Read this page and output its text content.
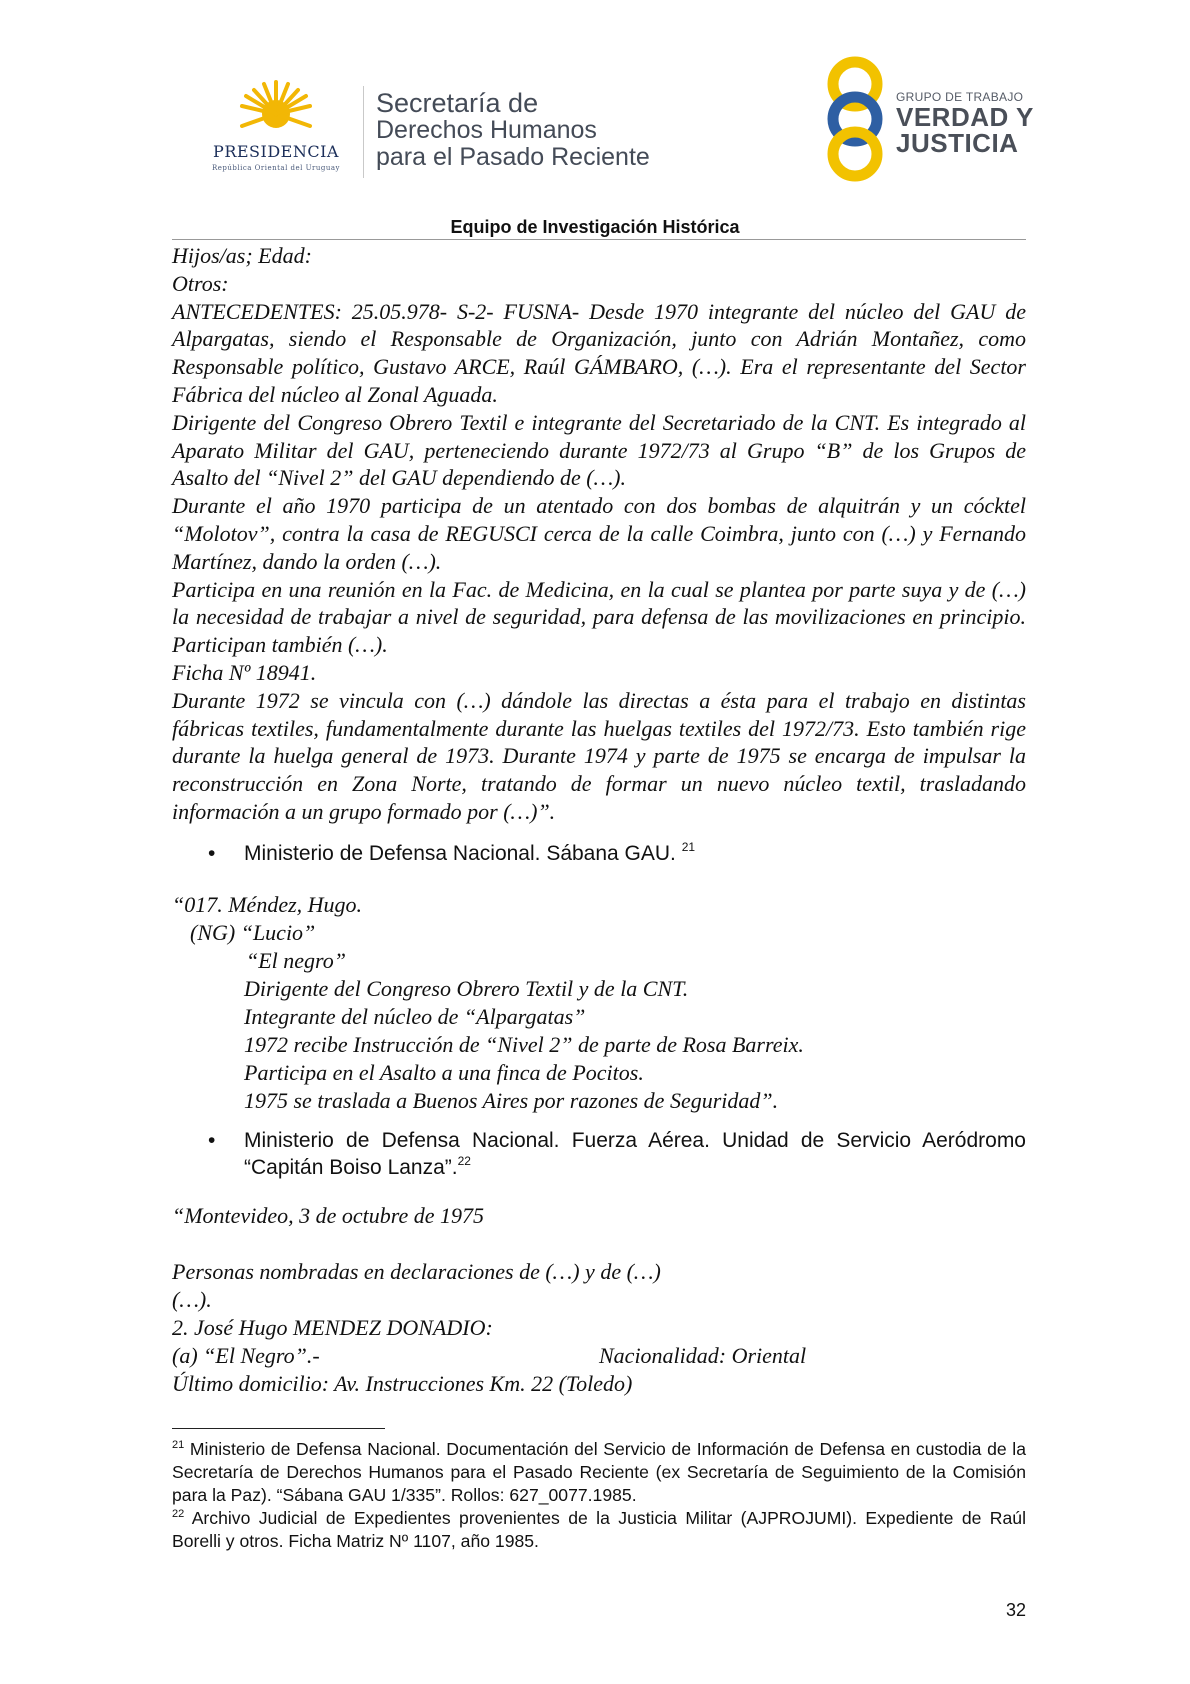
PRESIDENCIA
República Oriental del Uruguay
Secretaría de
Derechos Humanos
para el Pasado Reciente
GRUPO DE TRABAJO
VERDAD Y
JUSTICIA
Equipo de Investigación Histórica

Hijos/as; Edad:

Otros:

ANTECEDENTES: 25.05.978- S-2- FUSNA- Desde 1970 integrante del núcleo del GAU de Alpargatas, siendo el Responsable de Organización, junto con Adrián Montañez, como Responsable político, Gustavo ARCE, Raúl GÁMBARO, (…). Era el representante del Sector Fábrica del núcleo al Zonal Aguada.

Dirigente del Congreso Obrero Textil e integrante del Secretariado de la CNT. Es integrado al Aparato Militar del GAU, perteneciendo durante 1972/73 al Grupo “B” de los Grupos de Asalto del “Nivel 2” del GAU dependiendo de (…).

Durante el año 1970 participa de un atentado con dos bombas de alquitrán y un cócktel “Molotov”, contra la casa de REGUSCI cerca de la calle Coimbra, junto con (…) y Fernando Martínez, dando la orden (…).

Participa en una reunión en la Fac. de Medicina, en la cual se plantea por parte suya y de (…) la necesidad de trabajar a nivel de seguridad, para defensa de las movilizaciones en principio. Participan también (…).

Ficha Nº 18941.

Durante 1972 se vincula con (…) dándole las directas a ésta para el trabajo en distintas fábricas textiles, fundamentalmente durante las huelgas textiles del 1972/73. Esto también rige durante la huelga general de 1973. Durante 1974 y parte de 1975 se encarga de impulsar la reconstrucción en Zona Norte, tratando de formar un nuevo núcleo textil, trasladando información a un grupo formado por (…)”.

• Ministerio de Defensa Nacional. Sábana GAU. $^{21}$
“017. Méndez, Hugo.
(NG) “Lucio”
“El negro”
Dirigente del Congreso Obrero Textil y de la CNT.
Integrante del núcleo de “Alpargatas”
1972 recibe Instrucción de “Nivel 2” de parte de Rosa Barreix.
Participa en el Asalto a una finca de Pocitos.
1975 se traslada a Buenos Aires por razones de Seguridad”.
• Ministerio de Defensa Nacional. Fuerza Aérea. Unidad de Servicio Aeródromo “Capitán Boiso Lanza”.$^{22}$
“Montevideo, 3 de octubre de 1975
Personas nombradas en declaraciones de (…) y de (…)
(…).
2. José Hugo MENDEZ DONADIO:
(a) “El Negro”.-	Nacionalidad: Oriental
Último domicilio: Av. Instrucciones Km. 22 (Toledo)

$^{21}$ Ministerio de Defensa Nacional. Documentación del Servicio de Información de Defensa en custodia de la Secretaría de Derechos Humanos para el Pasado Reciente (ex Secretaría de Seguimiento de la Comisión para la Paz). “Sábana GAU 1/335”. Rollos: 627_0077.1985.

$^{22}$ Archivo Judicial de Expedientes provenientes de la Justicia Militar (AJPROJUMI). Expediente de Raúl Borelli y otros. Ficha Matriz Nº 1107, año 1985.

32
